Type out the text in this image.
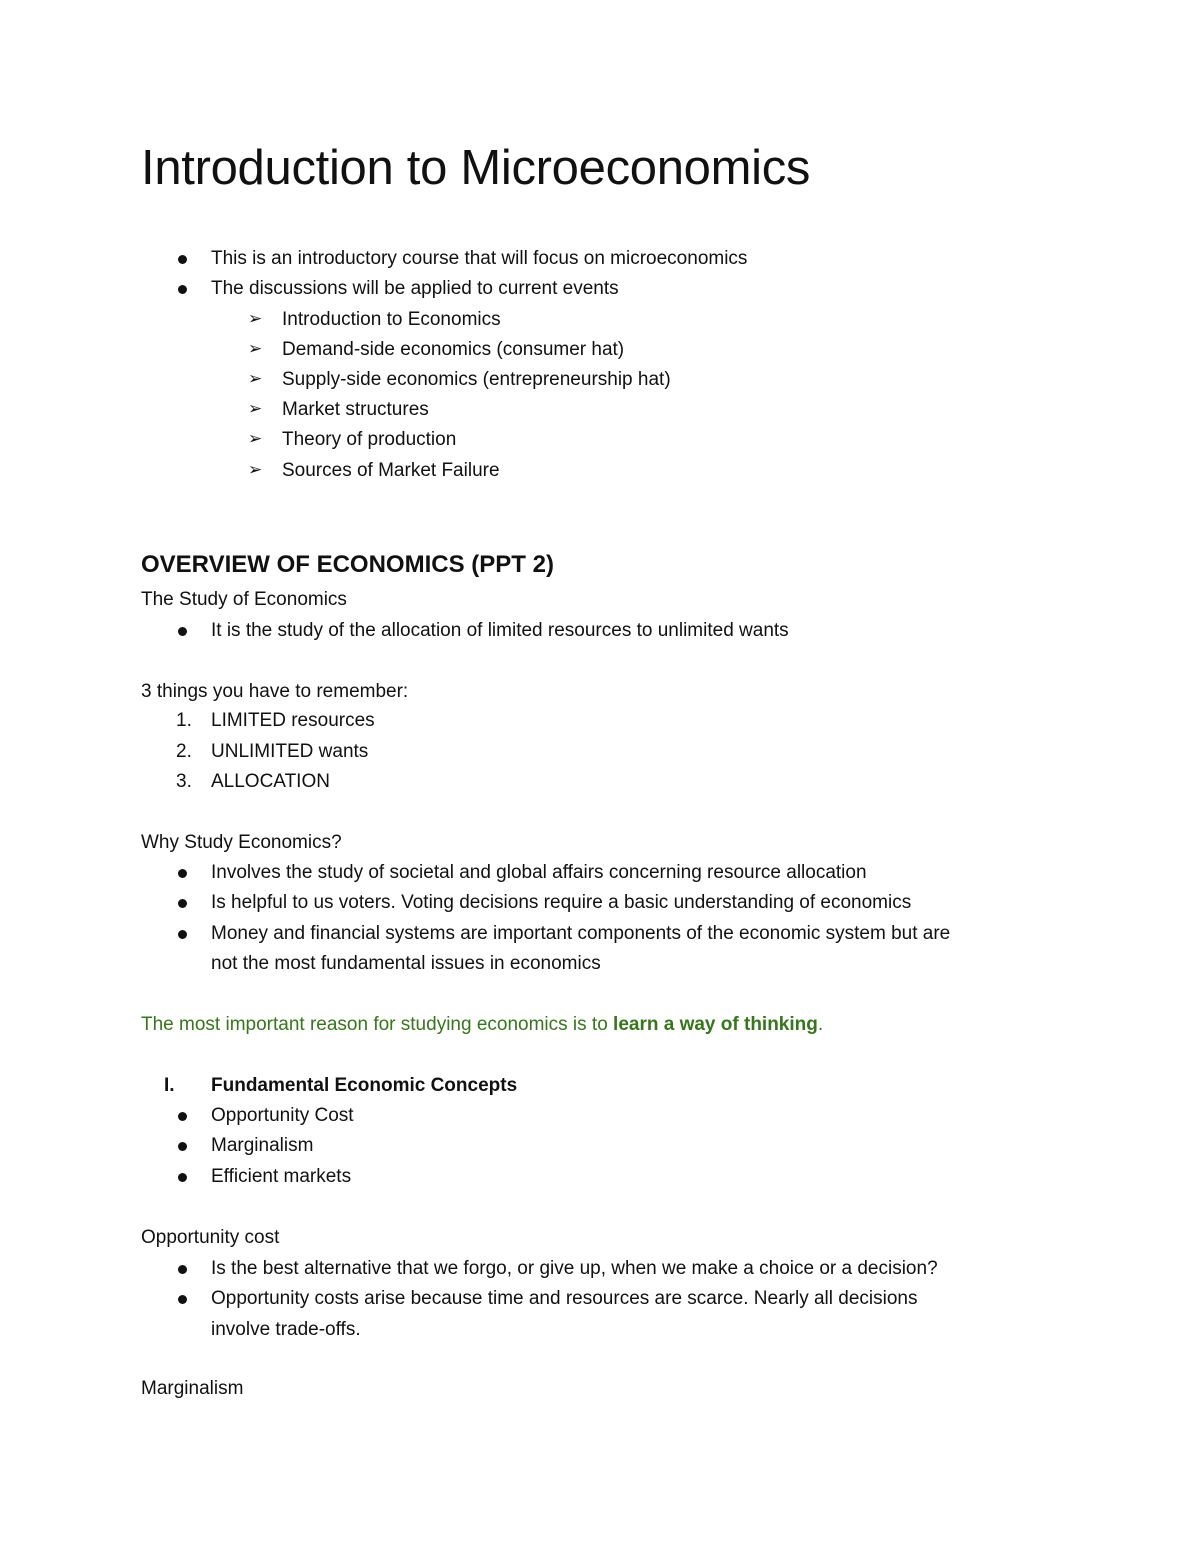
Introduction to Microeconomics
This is an introductory course that will focus on microeconomics
The discussions will be applied to current events
➢ Introduction to Economics
➢ Demand-side economics (consumer hat)
➢ Supply-side economics (entrepreneurship hat)
➢ Market structures
➢ Theory of production
➢ Sources of Market Failure
OVERVIEW OF ECONOMICS (PPT 2)
The Study of Economics
It is the study of the allocation of limited resources to unlimited wants
3 things you have to remember:
1. LIMITED resources
2. UNLIMITED wants
3. ALLOCATION
Why Study Economics?
Involves the study of societal and global affairs concerning resource allocation
Is helpful to us voters. Voting decisions require a basic understanding of economics
Money and financial systems are important components of the economic system but are
not the most fundamental issues in economics
The most important reason for studying economics is to learn a way of thinking.
I. Fundamental Economic Concepts
Opportunity Cost
Marginalism
Efficient markets
Opportunity cost
Is the best alternative that we forgo, or give up, when we make a choice or a decision?
Opportunity costs arise because time and resources are scarce. Nearly all decisions
involve trade-offs.
Marginalism
